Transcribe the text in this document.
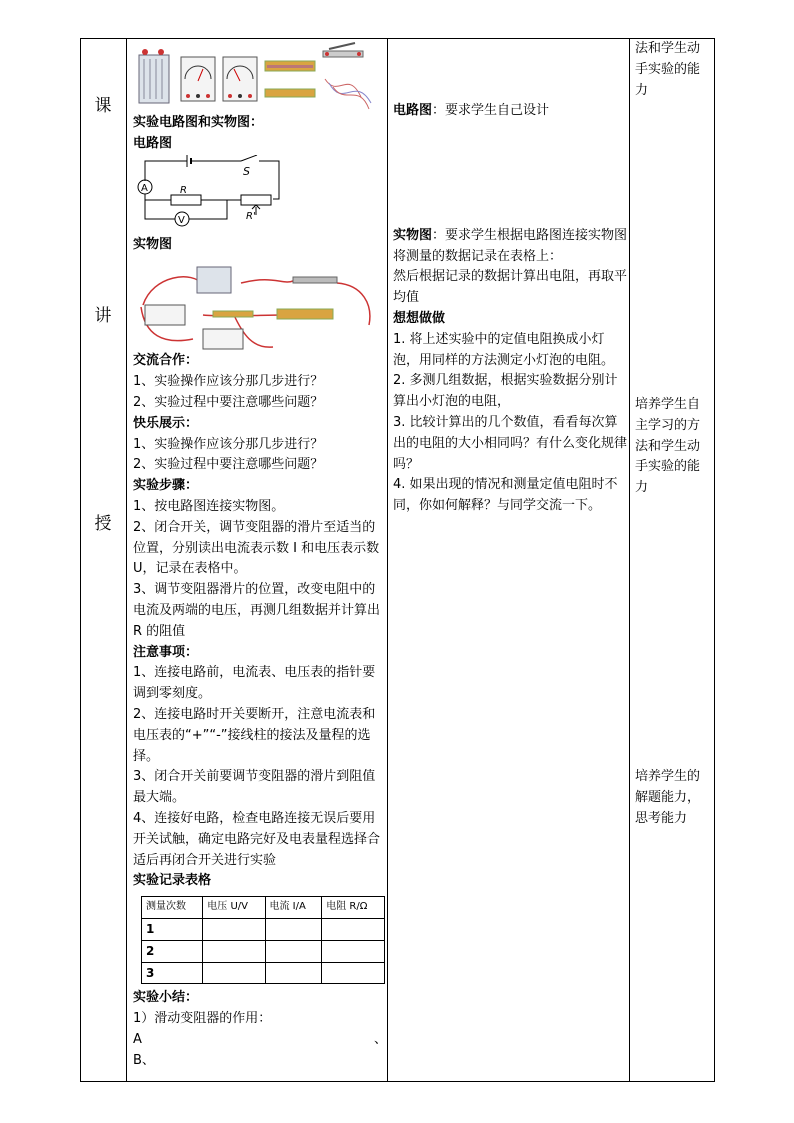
课
讲
授

实验电路图和实物图：

电路图

A
S
R
R'
V

实物图

交流合作：

1、实验操作应该分那几步进行？

2、实验过程中要注意哪些问题？

快乐展示：

1、实验操作应该分那几步进行？

2、实验过程中要注意哪些问题？

实验步骤：

1、按电路图连接实物图。

2、闭合开关，调节变阻器的滑片至适当的位置，分别读出电流表示数 I 和电压表示数 U，记录在表格中。

3、调节变阻器滑片的位置，改变电阻中的电流及两端的电压，再测几组数据并计算出 R 的阻值

注意事项：

1、连接电路前，电流表、电压表的指针要调到零刻度。

2、连接电路时开关要断开，注意电流表和电压表的“+”“-”接线柱的接法及量程的选择。

3、闭合开关前要调节变阻器的滑片到阻值最大端。

4、连接好电路，检查电路连接无误后要用开关试触，确定电路完好及电表量程选择合适后再闭合开关进行实验

实验记录表格

测量次数	电压 U/V	电流 I/A	电阻 R/Ω
1			
2			
3			

实验小结：

1）滑动变阻器的作用：

A	、

B、

电路图：要求学生自己设计

实物图：要求学生根据电路图连接实物图

将测量的数据记录在表格上：

然后根据记录的数据计算出电阻，再取平均值

想想做做

1. 将上述实验中的定值电阻换成小灯泡，用同样的方法测定小灯泡的电阻。

2. 多测几组数据，根据实验数据分别计算出小灯泡的电阻，

3. 比较计算出的几个数值，看看每次算出的电阻的大小相同吗？有什么变化规律吗？

4. 如果出现的情况和测量定值电阻时不同，你如何解释？与同学交流一下。

法和学生动手实验的能力

培养学生自主学习的方法和学生动手实验的能力

培养学生的解题能力，思考能力
